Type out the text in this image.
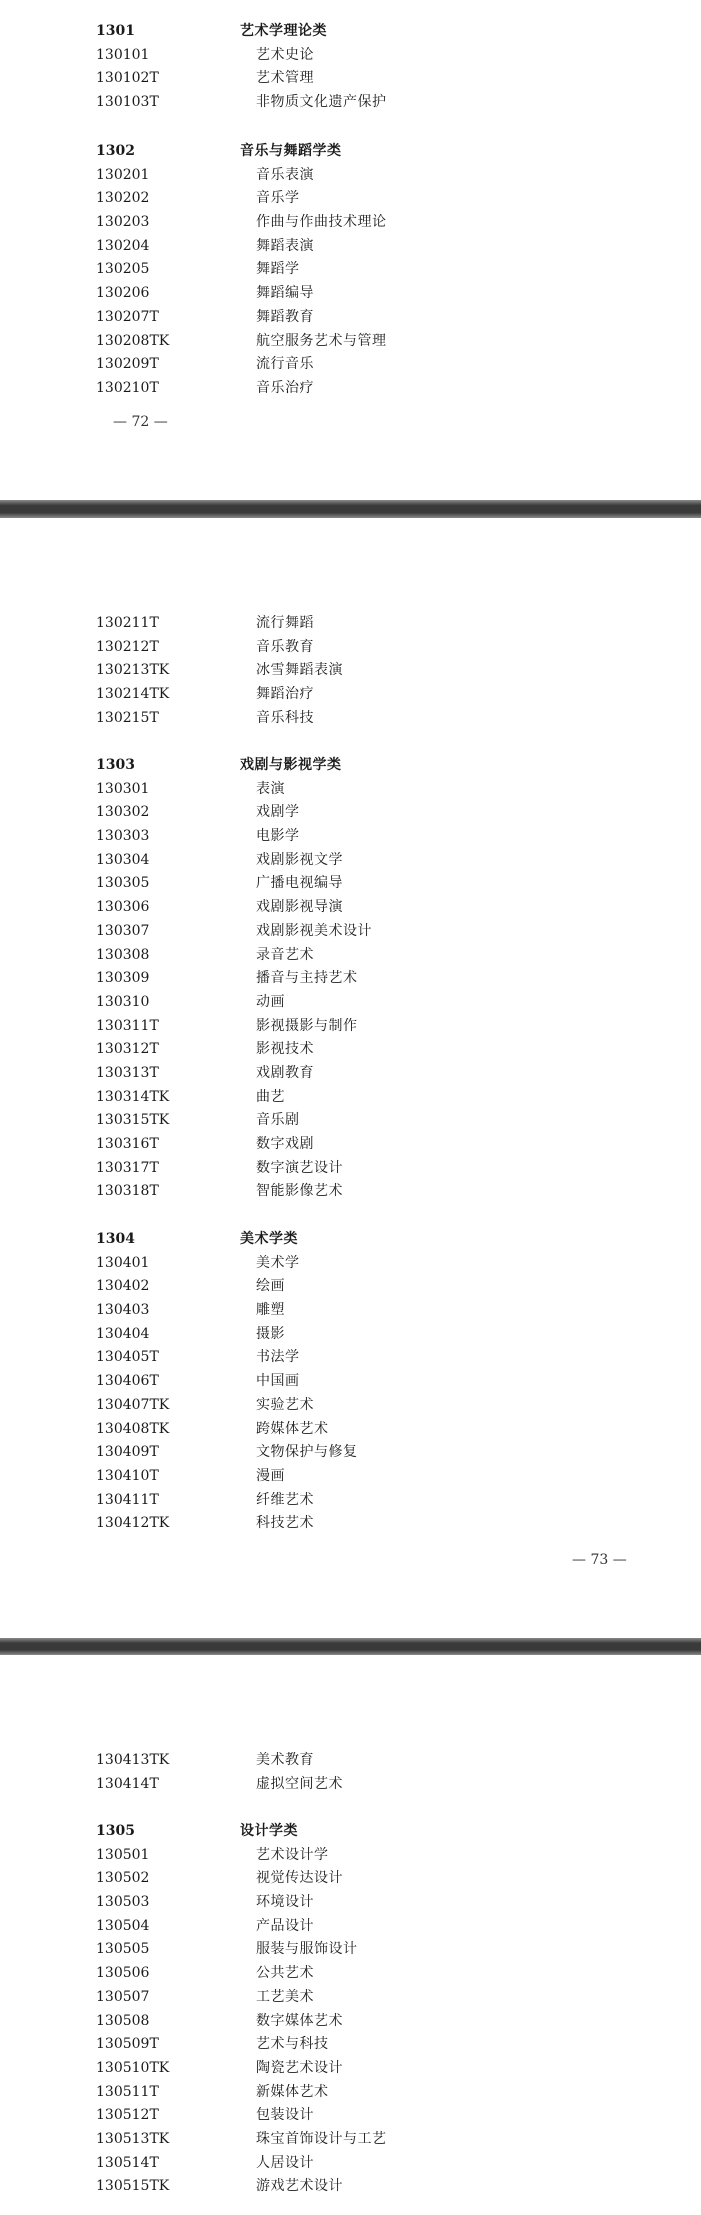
1301	艺术学理论类
130101	艺术史论
130102T	艺术管理
130103T	非物质文化遗产保护
1302	音乐与舞蹈学类
130201	音乐表演
130202	音乐学
130203	作曲与作曲技术理论
130204	舞蹈表演
130205	舞蹈学
130206	舞蹈编导
130207T	舞蹈教育
130208TK	航空服务艺术与管理
130209T	流行音乐
130210T	音乐治疗
— 72 —
130211T	流行舞蹈
130212T	音乐教育
130213TK	冰雪舞蹈表演
130214TK	舞蹈治疗
130215T	音乐科技
1303	戏剧与影视学类
130301	表演
130302	戏剧学
130303	电影学
130304	戏剧影视文学
130305	广播电视编导
130306	戏剧影视导演
130307	戏剧影视美术设计
130308	录音艺术
130309	播音与主持艺术
130310	动画
130311T	影视摄影与制作
130312T	影视技术
130313T	戏剧教育
130314TK	曲艺
130315TK	音乐剧
130316T	数字戏剧
130317T	数字演艺设计
130318T	智能影像艺术
1304	美术学类
130401	美术学
130402	绘画
130403	雕塑
130404	摄影
130405T	书法学
130406T	中国画
130407TK	实验艺术
130408TK	跨媒体艺术
130409T	文物保护与修复
130410T	漫画
130411T	纤维艺术
130412TK	科技艺术
— 73 —
130413TK	美术教育
130414T	虚拟空间艺术
1305	设计学类
130501	艺术设计学
130502	视觉传达设计
130503	环境设计
130504	产品设计
130505	服装与服饰设计
130506	公共艺术
130507	工艺美术
130508	数字媒体艺术
130509T	艺术与科技
130510TK	陶瓷艺术设计
130511T	新媒体艺术
130512T	包装设计
130513TK	珠宝首饰设计与工艺
130514T	人居设计
130515TK	游戏艺术设计
